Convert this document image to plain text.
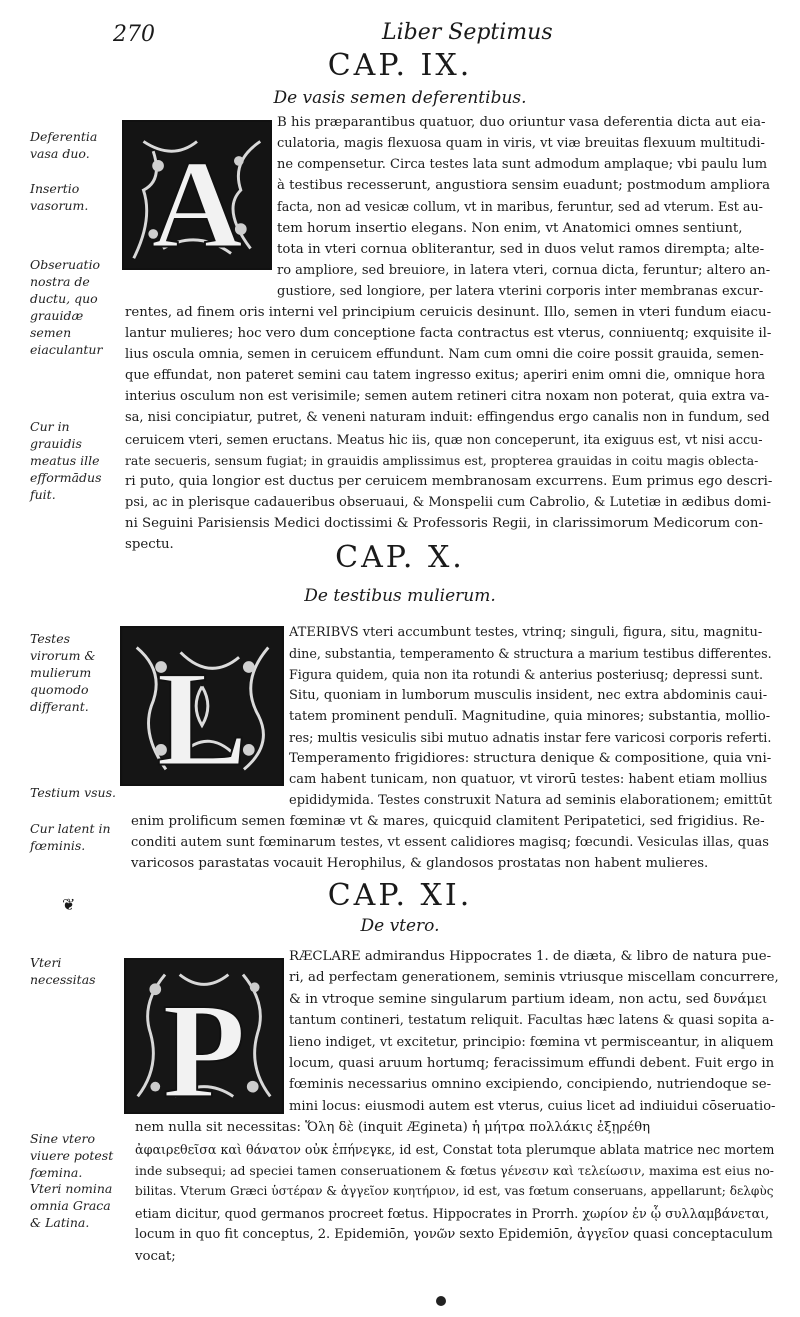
270	Liber Septimus
CAP. IX.
De vasis semen deferentibus.
A
Deferentia vasa duo.
Insertio vasorum.
Obseruatio nostra de ductu, quo grauidæ semen eiaculantur
Cur in grauidis meatus ille efformādus fuit.
B his præparantibus quatuor, duo oriuntur vasa deferentia dicta aut eia-
culatoria, magis flexuosa quam in viris, vt viæ breuitas flexuum multitudi-
ne compensetur. Circa testes lata sunt admodum amplaque; vbi paulu lum
à testibus recesserunt, angustiora sensim euadunt; postmodum ampliora
facta, non ad vesicæ collum, vt in maribus, feruntur, sed ad vterum. Est au-
tem horum insertio elegans. Non enim, vt Anatomici omnes sentiunt,
tota in vteri cornua obliterantur, sed in duos velut ramos dirempta; alte-
ro ampliore, sed breuiore, in latera vteri, cornua dicta, feruntur; altero an-
gustiore, sed longiore, per latera vterini corporis inter membranas excur-
rentes, ad finem oris interni vel principium ceruicis desinunt. Illo, semen in vteri fundum eiacu-
lantur mulieres; hoc vero dum conceptione facta contractus est vterus, conniuentq; exquisite il-
lius oscula omnia, semen in ceruicem effundunt. Nam cum omni die coire possit grauida, semen-
que effundat, non pateret semini cau tatem ingresso exitus; aperiri enim omni die, omnique hora
interius osculum non est verisimile; semen autem retineri citra noxam non poterat, quia extra va-
sa, nisi concipiatur, putret, & veneni naturam induit: effingendus ergo canalis non in fundum, sed
ceruicem vteri, semen eructans. Meatus hic iis, quæ non conceperunt, ita exiguus est, vt nisi accu-
rate secueris, sensum fugiat; in grauidis amplissimus est, propterea grauidas in coitu magis oblecta-
ri puto, quia longior est ductus per ceruicem membranosam excurrens. Eum primus ego descri-
psi, ac in plerisque cadaueribus obseruaui, & Monspelii cum Cabrolio, & Lutetiæ in ædibus domi-
ni Seguini Parisiensis Medici doctissimi & Professoris Regii, in clarissimorum Medicorum con-
spectu.	CAP. X.
De testibus mulierum.
L
Testes virorum & mulierum quomodo differant.
Testium vsus.
Cur latent in fœminis.
ATERIBVS vteri accumbunt testes, vtrinq; singuli, figura, situ, magnitu-
dine, substantia, temperamento & structura a marium testibus differentes.
Figura quidem, quia non ita rotundi & anterius posteriusq; depressi sunt.
Situ, quoniam in lumborum musculis insident, nec extra abdominis caui-
tatem prominent pendulī. Magnitudine, quia minores; substantia, mollio-
res; multis vesiculis sibi mutuo adnatis instar fere varicosi corporis referti.
Temperamento frigidiores: structura denique & compositione, quia vni-
cam habent tunicam, non quatuor, vt virorū testes: habent etiam mollius
epididymida. Testes construxit Natura ad seminis elaborationem; emittūt
enim prolificum semen fœminæ vt & mares, quicquid clamitent Peripatetici, sed frigidius. Re-
conditi autem sunt fœminarum testes, vt essent calidiores magisq; fœcundi. Vesiculas illas, quas
varicosos parastatas vocauit Herophilus, & glandosos prostatas non habent mulieres.
❦	CAP. XI.
De vtero.
P
Vteri necessitas
Sine vtero viuere potest fœmina.
Vteri nomina omnia Graca & Latina.
RÆCLARE admirandus Hippocrates 1. de diæta, & libro de natura pue-
ri, ad perfectam generationem, seminis vtriusque miscellam concurrere,
& in vtroque semine singularum partium ideam, non actu, sed δυνάμει
tantum contineri, testatum reliquit. Facultas hæc latens & quasi sopita a-
lieno indiget, vt excitetur, principio: fœmina vt permisceantur, in aliquem
locum, quasi aruum hortumq; feracissimum effundi debent. Fuit ergo in
fœminis necessarius omnino excipiendo, concipiendo, nutriendoque se-
mini locus: eiusmodi autem est vterus, cuius licet ad indiuidui cōseruatio-
nem nulla sit necessitas: Ὅλη δὲ (inquit Ægineta) ἡ μήτρα πολλάκις ἐξῃρέθη
ἀφαιρεθεῖσα καὶ θάνατον οὐκ ἐπήνεγκε, id est, Constat tota plerumque ablata matrice nec mortem
inde subsequi; ad speciei tamen conseruationem & fœtus γένεσιν καὶ τελείωσιν, maxima est eius no-
bilitas. Vterum Græci ὑστέραν & ἀγγεῖον κυητήριον, id est, vas fœtum conseruans, appellarunt; δελφὺς
etiam dicitur, quod germanos procreet fœtus. Hippocrates in Prorrh. χωρίον ἐν ᾧ συλλαμβάνεται,
locum in quo fit conceptus, 2. Epidemiōn, γονῶν sexto Epidemiōn, ἀγγεῖον quasi conceptaculum
vocat;
